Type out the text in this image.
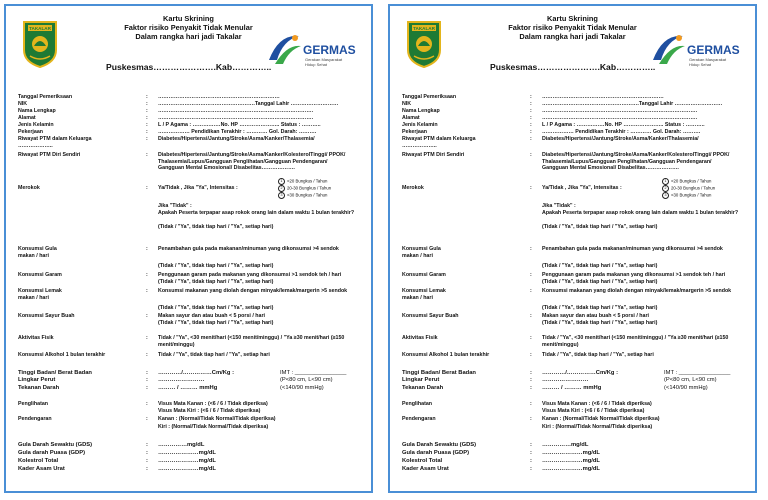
TAKALAR
Kartu Skrining
Faktor risiko Penyakit Tidak Menular
Dalam rangka hari jadi Takalar
GERMAS
Gerakan Masyarakat
Hidup Sehat
Puskesmas………………….Kab…………..
Tanggal Pemeriksaan	: ……………………………………………………………
NIK	: ……………………………………………….Tanggal Lahir ………………………
Nama Lengkap	: …………………………………………………………………………….
Alamat	: …………………………………………………………………………….
Jenis Kelamin	: L / P Agama : ……….……No. HP ………………….. Status : ………..
Pekerjaan	: ……………… Pendidikan Terakhir : ………… Gol. Darah: ……….
Riwayat PTM dalam Keluarga	: Diabetes/Hipertensi/Jantung/Stroke/Asma/Kanker/Thalasemia/
………………..
Riwayat PTM Diri Sendiri	: Diabetes/Hipertensi/Jantung/Stroke/Asma/Kanker/KolesterolTinggi/ PPOK/ Thalasemia/Lupus/Gangguan Penglihatan/Gangguan Pendengaran/
Gangguan Mental Emosional/ Disabelitas……………….
Merokok	: Ya/Tidak , Jika "Ya", Intensitas :
1 <20 Bungkus / Tahun
2 20-30 Bungkus / Tahun
3 <30 Bungkus / Tahun
Jika "Tidak" :
Apakah Peserta terpapar asap rokok orang lain dalam waktu 1 bulan terakhir?
(Tidak / "Ya", tidak tiap hari / "Ya", setiap hari)
Konsumsi Gula	: Penambahan gula pada makanan/minuman yang dikonsumsi >4 sendok
makan / hari
(Tidak / "Ya", tidak tiap hari / "Ya", setiap hari)
Konsumsi Garam	: Penggunaan garam pada makanan yang dikonsumsi >1 sendok teh / hari
(Tidak / "Ya", tidak tiap hari / "Ya", setiap hari)
Konsumsi Lemak	: Konsumsi makanan yang diolah dengan minyak/lemak/margerin >5 sendok
makan / hari
(Tidak / "Ya", tidak tiap hari / "Ya", setiap hari)
Konsumsi Sayur Buah	: Makan sayur dan atau buah < 5 porsi / hari
(Tidak / "Ya", tidak tiap hari / "Ya", setiap hari)
Aktivitas Fisik	: Tidak / "Ya", <30 menit/hari (<150 menit/minggu) / "Ya ≥30 menit/hari (≥150 menit/minggu)
Konsumsi Alkohol 1 bulan terakhir	: Tidak / "Ya", tidak tiap hari / "Ya", setiap hari
Tinggi Badan/ Berat Badan	: …………/……………Cm/Kg :	IMT : ________________
Lingkar Perut	: ……………………	(P<80 cm, L<90 cm)
Tekanan Darah	: ……… / ……… mmHg	(<140/90 mmHg)
Penglihatan	: Visus Mata Kanan : (<6 / 6 / Tidak diperiksa)
Visus Mata Kiri : (<6 / 6 / Tidak diperiksa)
Pendengaran	: Kanan : (Normal/Tidak Normal/Tidak diperiksa)
Kiri : (Normal/Tidak Normal/Tidak diperiksa)
Gula Darah Sewaktu (GDS)	: ……………mg/dL
Gula darah Puasa (GDP)	: …………………mg/dL
Kolestrol Total	: …………………mg/dL
Kader Asam Urat	: …………………mg/dL
TAKALAR
Kartu Skrining
Faktor risiko Penyakit Tidak Menular
Dalam rangka hari jadi Takalar
GERMAS
Gerakan Masyarakat
Hidup Sehat
Puskesmas………………….Kab…………..
Tanggal Pemeriksaan	: ……………………………………………………………
NIK	: ……………………………………………….Tanggal Lahir ………………………
Nama Lengkap	: …………………………………………………………………………….
Alamat	: …………………………………………………………………………….
Jenis Kelamin	: L / P Agama : ……….……No. HP ………………….. Status : ………..
Pekerjaan	: ……………… Pendidikan Terakhir : ………… Gol. Darah: ……….
Riwayat PTM dalam Keluarga	: Diabetes/Hipertensi/Jantung/Stroke/Asma/Kanker/Thalasemia/
………………..
Riwayat PTM Diri Sendiri	: Diabetes/Hipertensi/Jantung/Stroke/Asma/Kanker/KolesterolTinggi/ PPOK/ Thalasemia/Lupus/Gangguan Penglihatan/Gangguan Pendengaran/
Gangguan Mental Emosional/ Disabelitas……………….
Merokok	: Ya/Tidak , Jika "Ya", Intensitas :
1 <20 Bungkus / Tahun
2 20-30 Bungkus / Tahun
3 <30 Bungkus / Tahun
Jika "Tidak" :
Apakah Peserta terpapar asap rokok orang lain dalam waktu 1 bulan terakhir?
(Tidak / "Ya", tidak tiap hari / "Ya", setiap hari)
Konsumsi Gula	: Penambahan gula pada makanan/minuman yang dikonsumsi >4 sendok
makan / hari
(Tidak / "Ya", tidak tiap hari / "Ya", setiap hari)
Konsumsi Garam	: Penggunaan garam pada makanan yang dikonsumsi >1 sendok teh / hari
(Tidak / "Ya", tidak tiap hari / "Ya", setiap hari)
Konsumsi Lemak	: Konsumsi makanan yang diolah dengan minyak/lemak/margerin >5 sendok
makan / hari
(Tidak / "Ya", tidak tiap hari / "Ya", setiap hari)
Konsumsi Sayur Buah	: Makan sayur dan atau buah < 5 porsi / hari
(Tidak / "Ya", tidak tiap hari / "Ya", setiap hari)
Aktivitas Fisik	: Tidak / "Ya", <30 menit/hari (<150 menit/minggu) / "Ya ≥30 menit/hari (≥150 menit/minggu)
Konsumsi Alkohol 1 bulan terakhir	: Tidak / "Ya", tidak tiap hari / "Ya", setiap hari
Tinggi Badan/ Berat Badan	: …………/……………Cm/Kg :	IMT : ________________
Lingkar Perut	: ……………………	(P<80 cm, L<90 cm)
Tekanan Darah	: ……… / ……… mmHg	(<140/90 mmHg)
Penglihatan	: Visus Mata Kanan : (<6 / 6 / Tidak diperiksa)
Visus Mata Kiri : (<6 / 6 / Tidak diperiksa)
Pendengaran	: Kanan : (Normal/Tidak Normal/Tidak diperiksa)
Kiri : (Normal/Tidak Normal/Tidak diperiksa)
Gula Darah Sewaktu (GDS)	: ……………mg/dL
Gula darah Puasa (GDP)	: …………………mg/dL
Kolestrol Total	: …………………mg/dL
Kader Asam Urat	: …………………mg/dL
